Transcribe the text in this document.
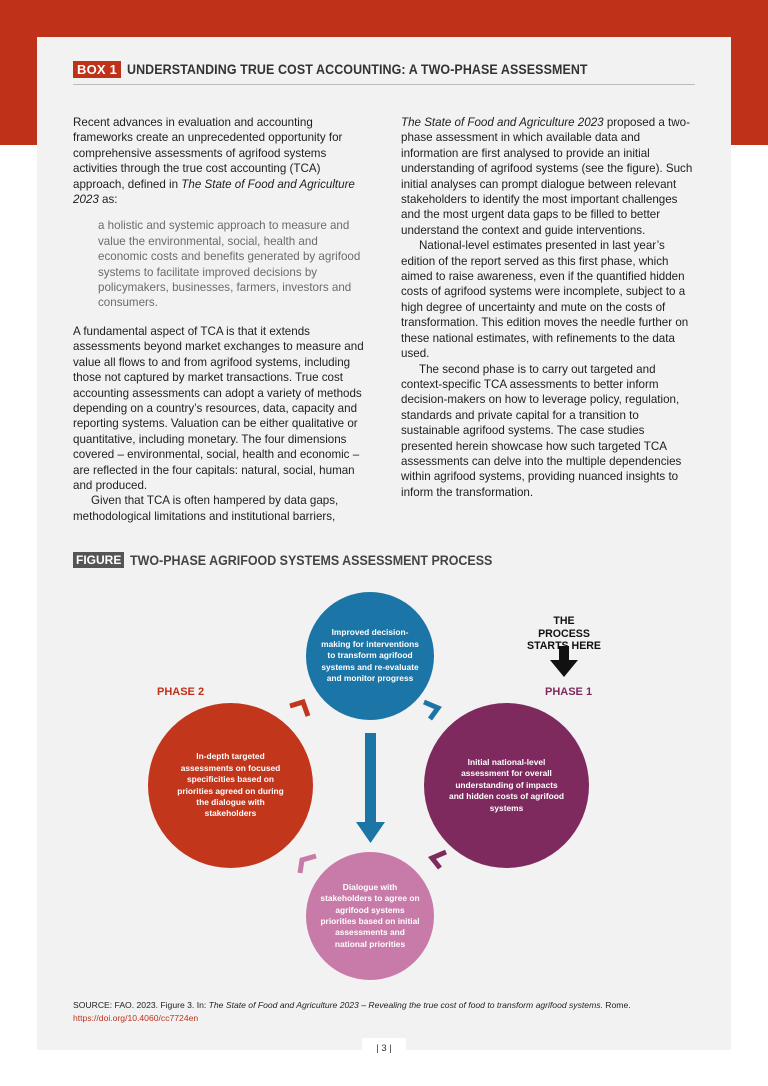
BOX 1 UNDERSTANDING TRUE COST ACCOUNTING: A TWO-PHASE ASSESSMENT

Recent advances in evaluation and accounting frameworks create an unprecedented opportunity for comprehensive assessments of agrifood systems activities through the true cost accounting (TCA) approach, defined in The State of Food and Agriculture 2023 as:

a holistic and systemic approach to measure and value the environmental, social, health and economic costs and benefits generated by agrifood systems to facilitate improved decisions by policymakers, businesses, farmers, investors and consumers.

A fundamental aspect of TCA is that it extends assessments beyond market exchanges to measure and value all flows to and from agrifood systems, including those not captured by market transactions. True cost accounting assessments can adopt a variety of methods depending on a country’s resources, data, capacity and reporting systems. Valuation can be either qualitative or quantitative, including monetary. The four dimensions covered – environmental, social, health and economic – are reflected in the four capitals: natural, social, human and produced.

Given that TCA is often hampered by data gaps, methodological limitations and institutional barriers,

The State of Food and Agriculture 2023 proposed a two-phase assessment in which available data and information are first analysed to provide an initial understanding of agrifood systems (see the figure). Such initial analyses can prompt dialogue between relevant stakeholders to identify the most important challenges and the most urgent data gaps to be filled to better understand the context and guide interventions.

National-level estimates presented in last year’s edition of the report served as this first phase, which aimed to raise awareness, even if the quantified hidden costs of agrifood systems were incomplete, subject to a high degree of uncertainty and mute on the costs of transformation. This edition moves the needle further on these national estimates, with refinements to the data used.

The second phase is to carry out targeted and context-specific TCA assessments to better inform decision-makers on how to leverage policy, regulation, standards and private capital for a transition to sustainable agrifood systems. The case studies presented herein showcase how such targeted TCA assessments can delve into the multiple dependencies within agrifood systems, providing nuanced insights to inform the transformation.

FIGURE TWO-PHASE AGRIFOOD SYSTEMS ASSESSMENT PROCESS
THE PROCESS STARTS HERE
PHASE 2	PHASE 1
Improved decision-making for interventions to transform agrifood systems and re-evaluate and monitor progress
In-depth targeted assessments on focused specificities based on priorities agreed on during the dialogue with stakeholders
Initial national-level assessment for overall understanding of impacts and hidden costs of agrifood systems
Dialogue with stakeholders to agree on agrifood systems priorities based on initial assessments and national priorities
SOURCE: FAO. 2023. Figure 3. In: The State of Food and Agriculture 2023 – Revealing the true cost of food to transform agrifood systems. Rome.
https://doi.org/10.4060/cc7724en
| 3 |
